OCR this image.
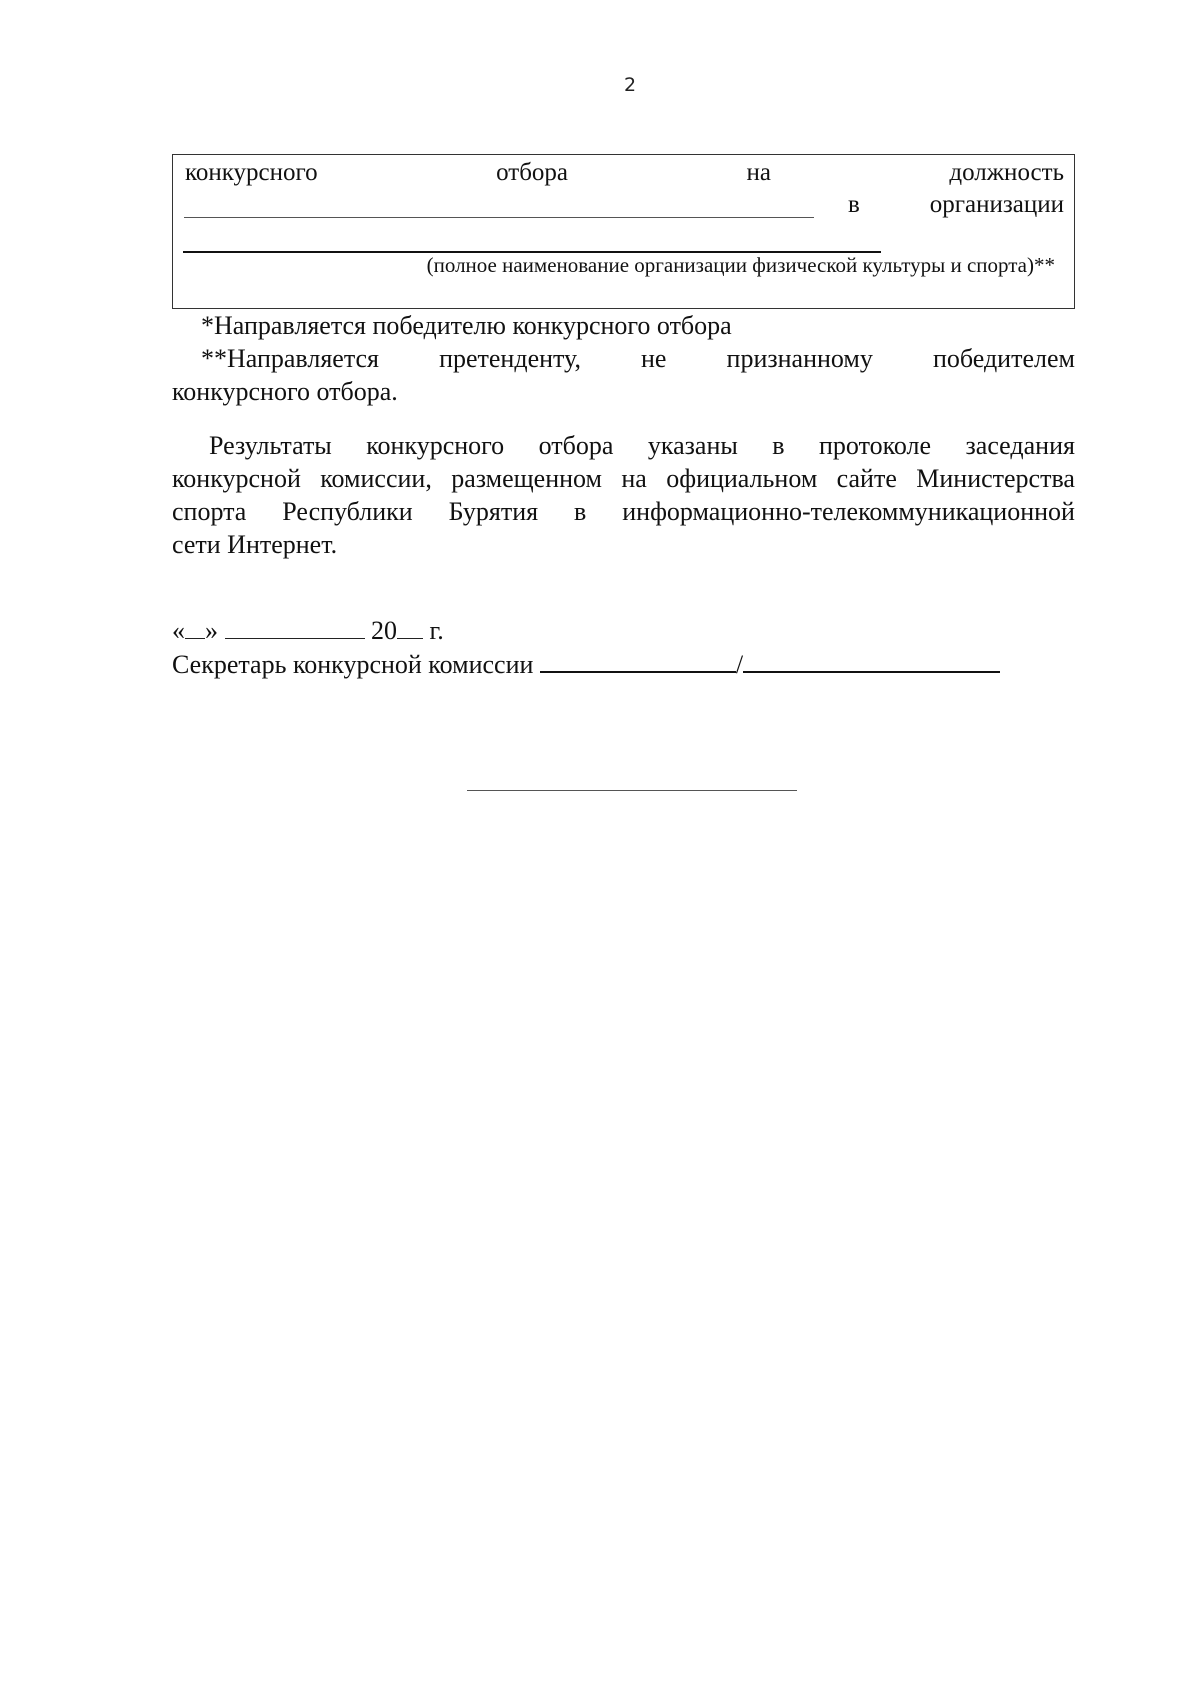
2
конкурсного	отбора	на	должность
в	организации
(полное наименование организации физической культуры и спорта)**
*Направляется победителю конкурсного отбора
**Направляется претенденту, не признанному победителем
конкурсного отбора.
Результаты конкурсного отбора указаны в протоколе заседания
конкурсной комиссии, размещенном на официальном сайте Министерства
спорта Республики Бурятия в информационно-телекоммуникационной
сети Интернет.
« »	20 г.
Секретарь конкурсной комиссии	/
